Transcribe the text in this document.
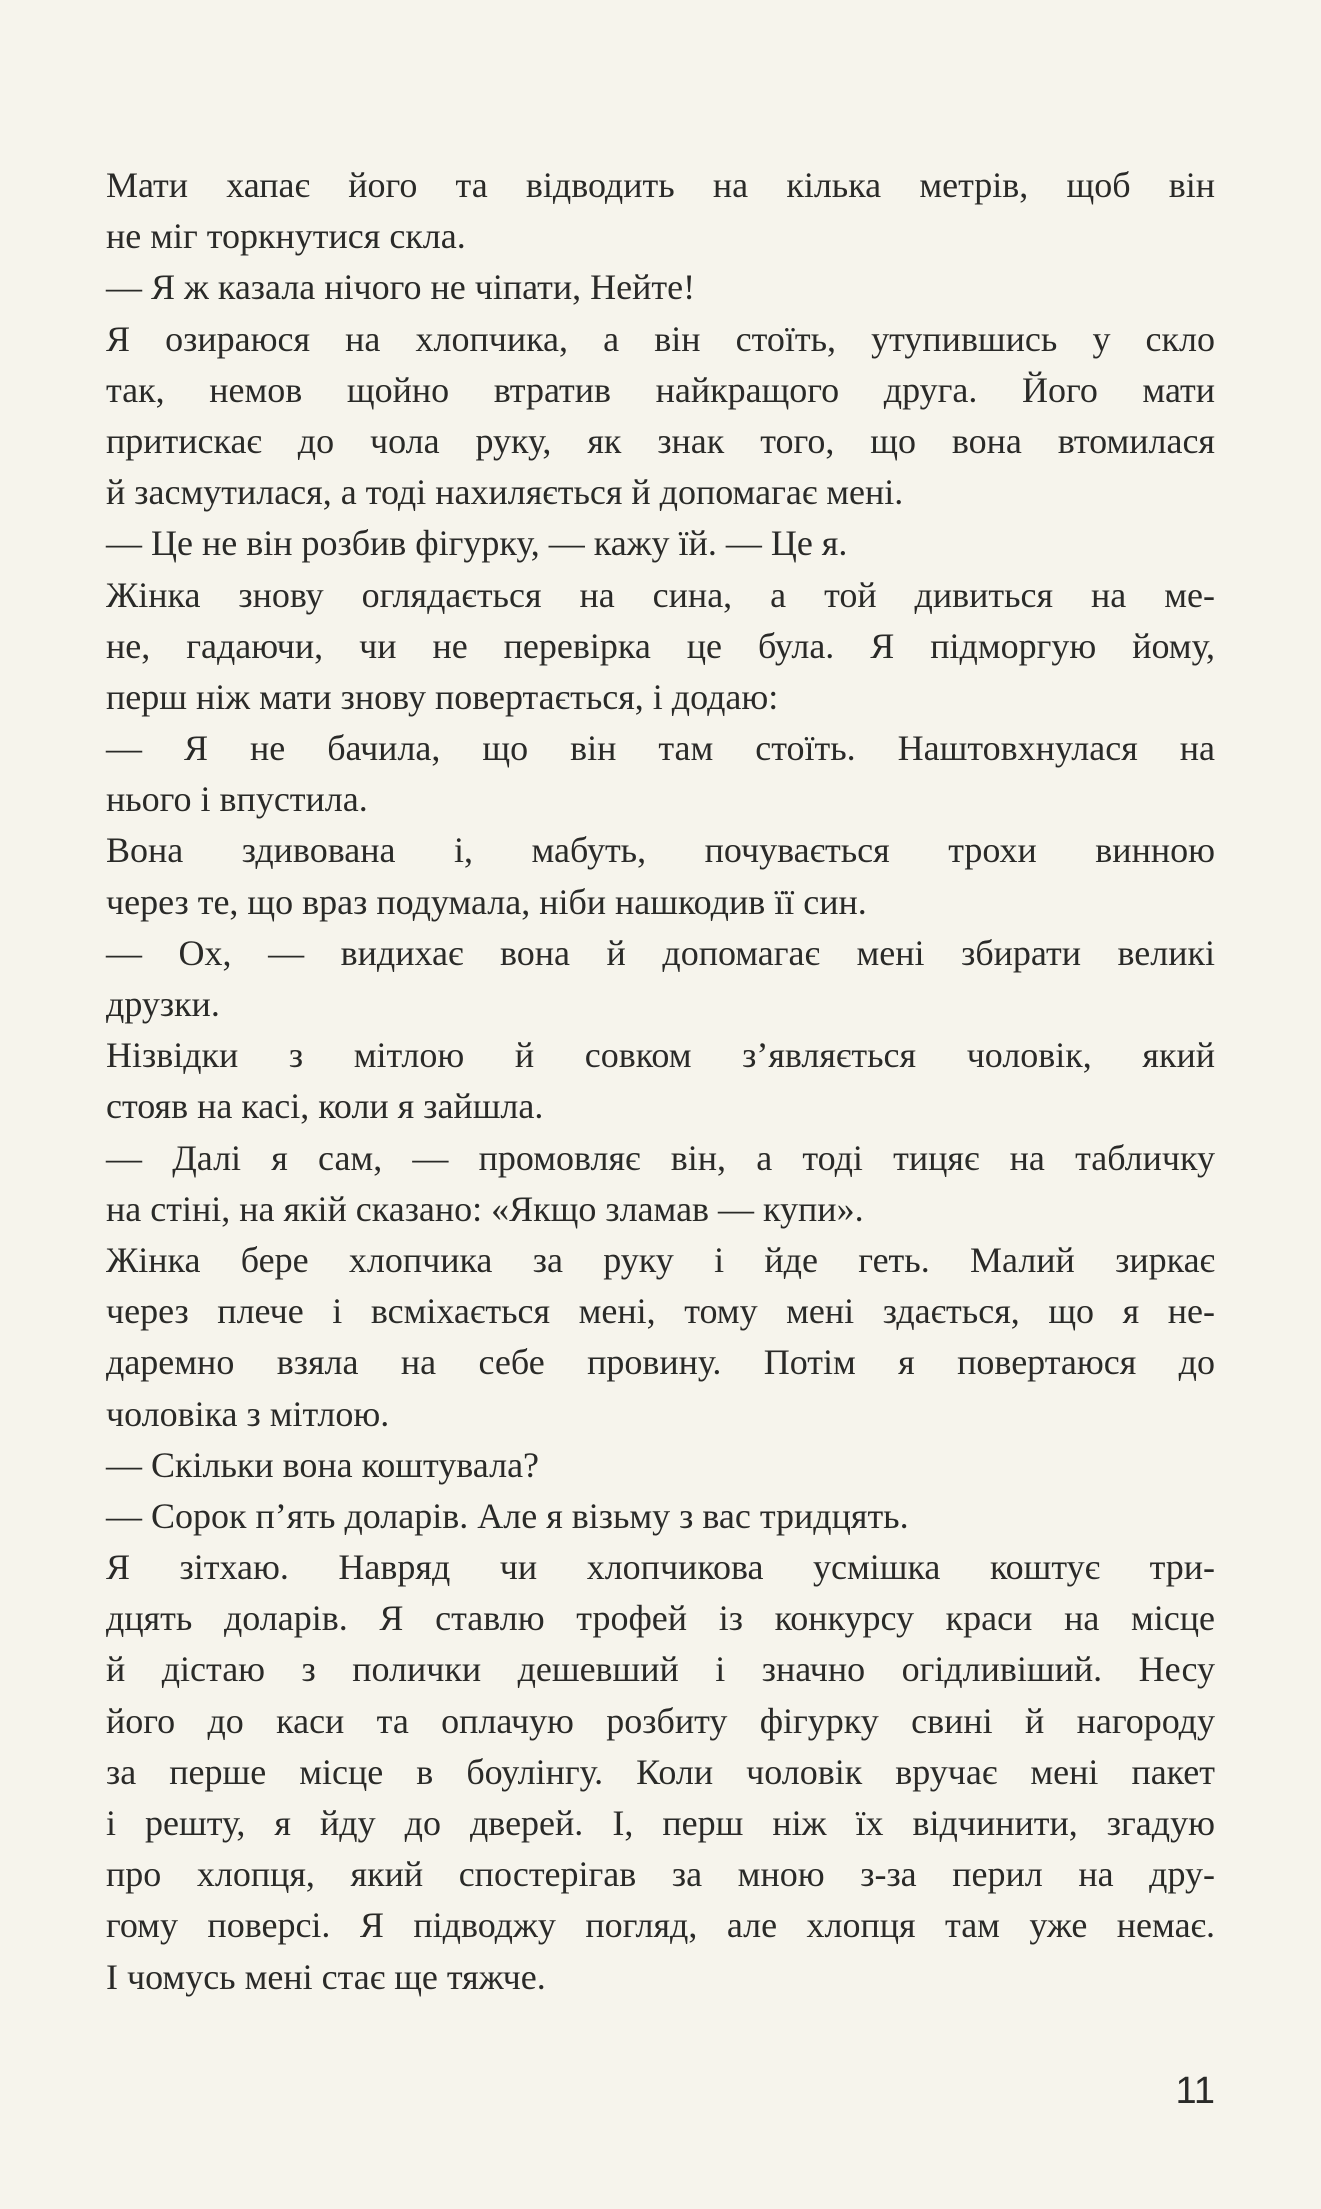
Мати хапає його та відводить на кілька метрів, щоб він
не міг торкнутися скла.
— Я ж казала нічого не чіпати, Нейте!
Я озираюся на хлопчика, а він стоїть, утупившись у скло
так, немов щойно втратив найкращого друга. Його мати
притискає до чола руку, як знак того, що вона втомилася
й засмутилася, а тоді нахиляється й допомагає мені.
— Це не він розбив фігурку, — кажу їй. — Це я.
Жінка знову оглядається на сина, а той дивиться на ме-
не, гадаючи, чи не перевірка це була. Я підморгую йому,
перш ніж мати знову повертається, і додаю:
— Я не бачила, що він там стоїть. Наштовхнулася на
нього і впустила.
Вона здивована і, мабуть, почувається трохи винною
через те, що враз подумала, ніби нашкодив її син.
— Ох, — видихає вона й допомагає мені збирати великі
друзки.
Нізвідки з мітлою й совком з’являється чоловік, який
стояв на касі, коли я зайшла.
— Далі я сам, — промовляє він, а тоді тицяє на табличку
на стіні, на якій сказано: «Якщо зламав — купи».
Жінка бере хлопчика за руку і йде геть. Малий зиркає
через плече і всміхається мені, тому мені здається, що я не-
даремно взяла на себе провину. Потім я повертаюся до
чоловіка з мітлою.
— Скільки вона коштувала?
— Сорок п’ять доларів. Але я візьму з вас тридцять.
Я зітхаю. Навряд чи хлопчикова усмішка коштує три-
дцять доларів. Я ставлю трофей із конкурсу краси на місце
й дістаю з полички дешевший і значно огідливіший. Несу
його до каси та оплачую розбиту фігурку свині й нагороду
за перше місце в боулінгу. Коли чоловік вручає мені пакет
і решту, я йду до дверей. І, перш ніж їх відчинити, згадую
про хлопця, який спостерігав за мною з-за перил на дру-
гому поверсі. Я підводжу погляд, але хлопця там уже немає.
І чомусь мені стає ще тяжче.
11
